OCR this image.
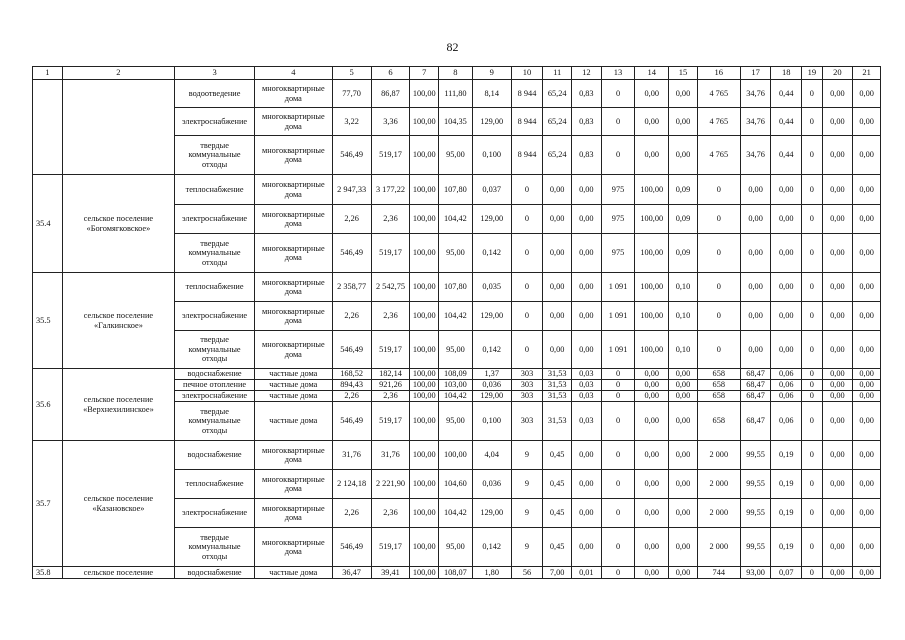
82
1	2	3	4	5	6	7	8	9	10	11	12	13	14	15	16	17	18	19	20	21
		водоотведение	многоквартирные дома	77,70	86,87	100,00	111,80	8,14	8 944	65,24	0,83	0	0,00	0,00	4 765	34,76	0,44	0	0,00	0,00
		электроснабжение	многоквартирные дома	3,22	3,36	100,00	104,35	129,00	8 944	65,24	0,83	0	0,00	0,00	4 765	34,76	0,44	0	0,00	0,00
		твердые коммунальные отходы	многоквартирные дома	546,49	519,17	100,00	95,00	0,100	8 944	65,24	0,83	0	0,00	0,00	4 765	34,76	0,44	0	0,00	0,00
35.4	сельское поселение «Богомягковское»	теплоснабжение	многоквартирные дома	2 947,33	3 177,22	100,00	107,80	0,037	0	0,00	0,00	975	100,00	0,09	0	0,00	0,00	0	0,00	0,00
		электроснабжение	многоквартирные дома	2,26	2,36	100,00	104,42	129,00	0	0,00	0,00	975	100,00	0,09	0	0,00	0,00	0	0,00	0,00
		твердые коммунальные отходы	многоквартирные дома	546,49	519,17	100,00	95,00	0,142	0	0,00	0,00	975	100,00	0,09	0	0,00	0,00	0	0,00	0,00
35.5	сельское поселение «Галкинское»	теплоснабжение	многоквартирные дома	2 358,77	2 542,75	100,00	107,80	0,035	0	0,00	0,00	1 091	100,00	0,10	0	0,00	0,00	0	0,00	0,00
		электроснабжение	многоквартирные дома	2,26	2,36	100,00	104,42	129,00	0	0,00	0,00	1 091	100,00	0,10	0	0,00	0,00	0	0,00	0,00
		твердые коммунальные отходы	многоквартирные дома	546,49	519,17	100,00	95,00	0,142	0	0,00	0,00	1 091	100,00	0,10	0	0,00	0,00	0	0,00	0,00
35.6	сельское поселение «Верхнехилинское»	водоснабжение	частные дома	168,52	182,14	100,00	108,09	1,37	303	31,53	0,03	0	0,00	0,00	658	68,47	0,06	0	0,00	0,00
		печное отопление	частные дома	894,43	921,26	100,00	103,00	0,036	303	31,53	0,03	0	0,00	0,00	658	68,47	0,06	0	0,00	0,00
		электроснабжение	частные дома	2,26	2,36	100,00	104,42	129,00	303	31,53	0,03	0	0,00	0,00	658	68,47	0,06	0	0,00	0,00
		твердые коммунальные отходы	частные дома	546,49	519,17	100,00	95,00	0,100	303	31,53	0,03	0	0,00	0,00	658	68,47	0,06	0	0,00	0,00
35.7	сельское поселение «Казановское»	водоснабжение	многоквартирные дома	31,76	31,76	100,00	100,00	4,04	9	0,45	0,00	0	0,00	0,00	2 000	99,55	0,19	0	0,00	0,00
		теплоснабжение	многоквартирные дома	2 124,18	2 221,90	100,00	104,60	0,036	9	0,45	0,00	0	0,00	0,00	2 000	99,55	0,19	0	0,00	0,00
		электроснабжение	многоквартирные дома	2,26	2,36	100,00	104,42	129,00	9	0,45	0,00	0	0,00	0,00	2 000	99,55	0,19	0	0,00	0,00
		твердые коммунальные отходы	многоквартирные дома	546,49	519,17	100,00	95,00	0,142	9	0,45	0,00	0	0,00	0,00	2 000	99,55	0,19	0	0,00	0,00
35.8	сельское поселение	водоснабжение	частные дома	36,47	39,41	100,00	108,07	1,80	56	7,00	0,01	0	0,00	0,00	744	93,00	0,07	0	0,00	0,00
